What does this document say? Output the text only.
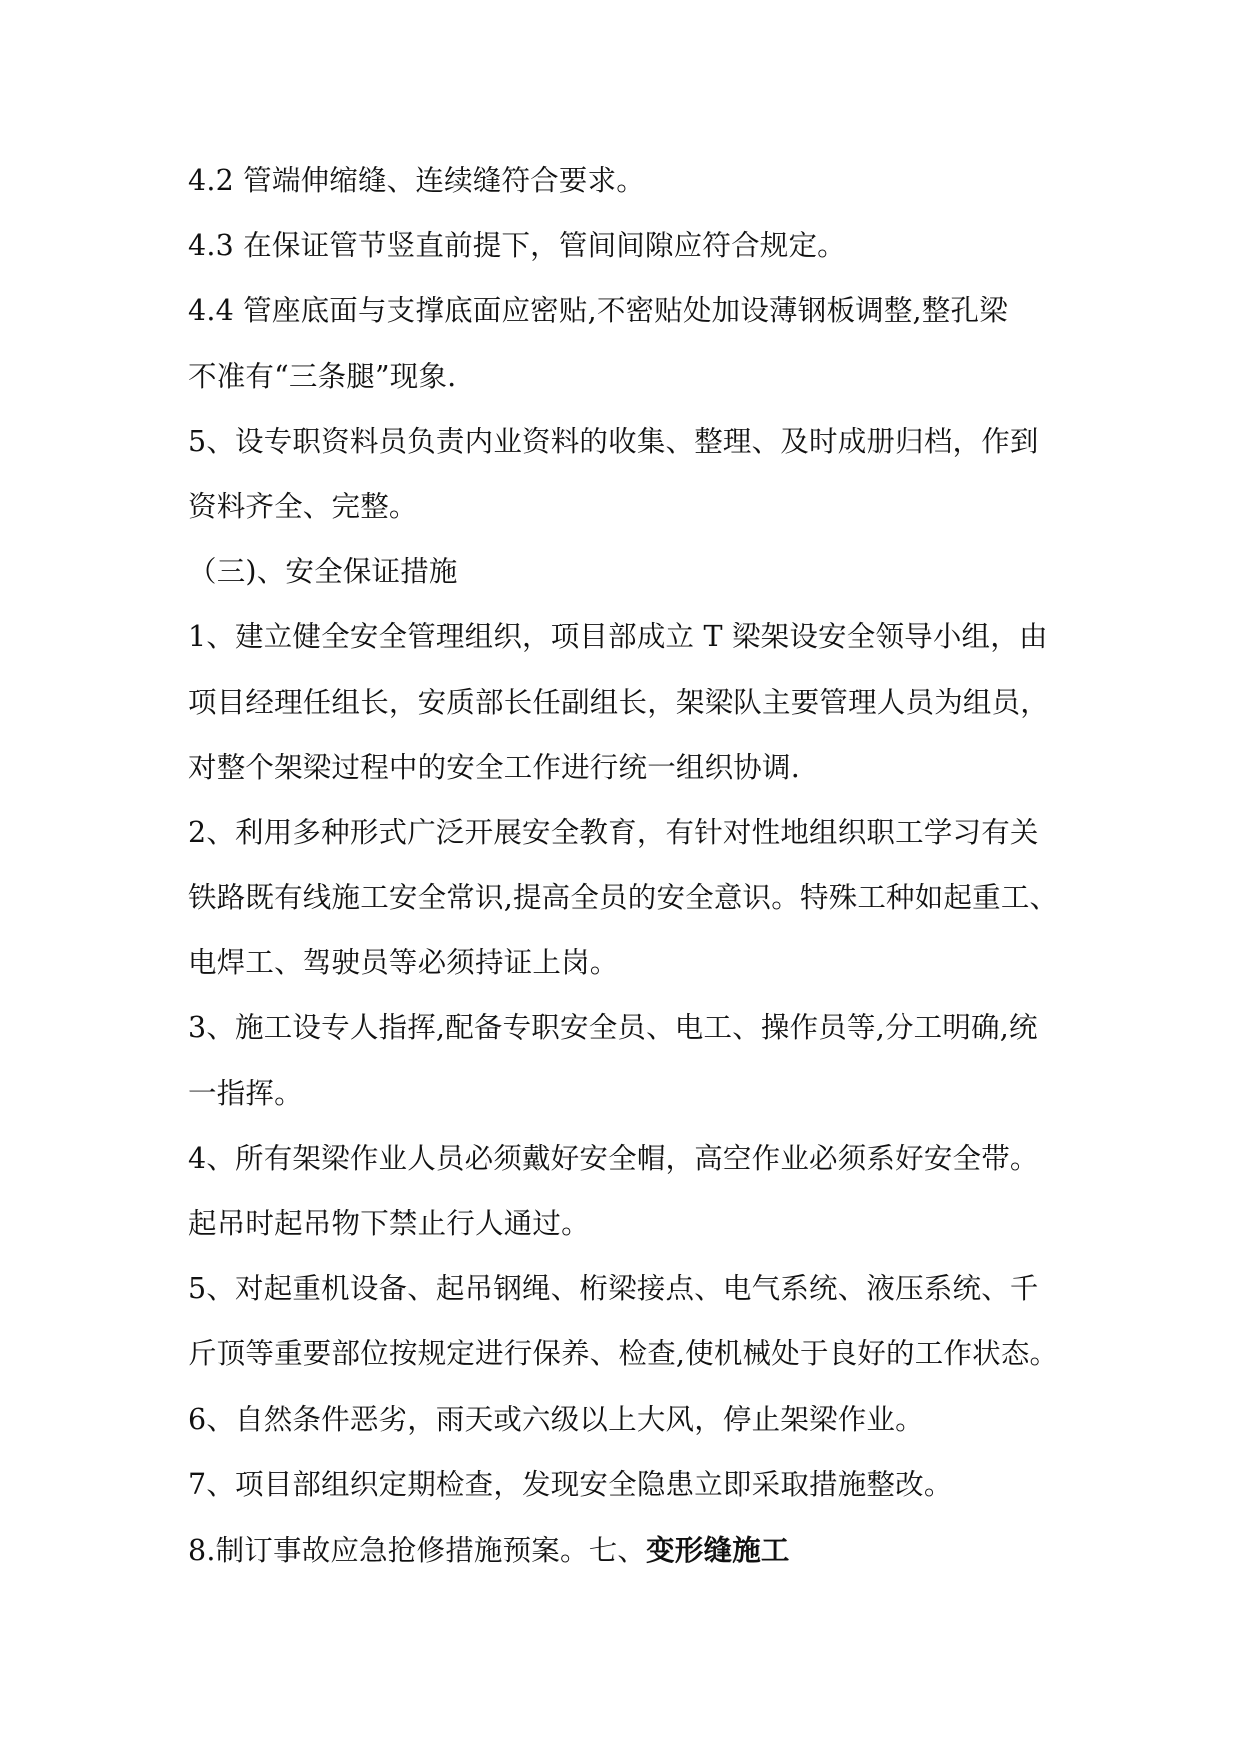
4.2 管端伸缩缝、连续缝符合要求。
4.3 在保证管节竖直前提下，管间间隙应符合规定。
4.4 管座底面与支撑底面应密贴,不密贴处加设薄钢板调整,整孔梁
不准有“三条腿”现象.
5、设专职资料员负责内业资料的收集、整理、及时成册归档，作到
资料齐全、完整。
（三)、安全保证措施
1、建立健全安全管理组织，项目部成立 T 梁架设安全领导小组，由
项目经理任组长，安质部长任副组长，架梁队主要管理人员为组员，
对整个架梁过程中的安全工作进行统一组织协调.
2、利用多种形式广泛开展安全教育，有针对性地组织职工学习有关
铁路既有线施工安全常识,提高全员的安全意识。特殊工种如起重工、
电焊工、驾驶员等必须持证上岗。
3、施工设专人指挥,配备专职安全员、电工、操作员等,分工明确,统
一指挥。
4、所有架梁作业人员必须戴好安全帽，高空作业必须系好安全带。
起吊时起吊物下禁止行人通过。
5、对起重机设备、起吊钢绳、桁梁接点、电气系统、液压系统、千
斤顶等重要部位按规定进行保养、检查,使机械处于良好的工作状态。
6、自然条件恶劣，雨天或六级以上大风，停止架梁作业。
7、项目部组织定期检查，发现安全隐患立即采取措施整改。
8.制订事故应急抢修措施预案。七、变形缝施工
